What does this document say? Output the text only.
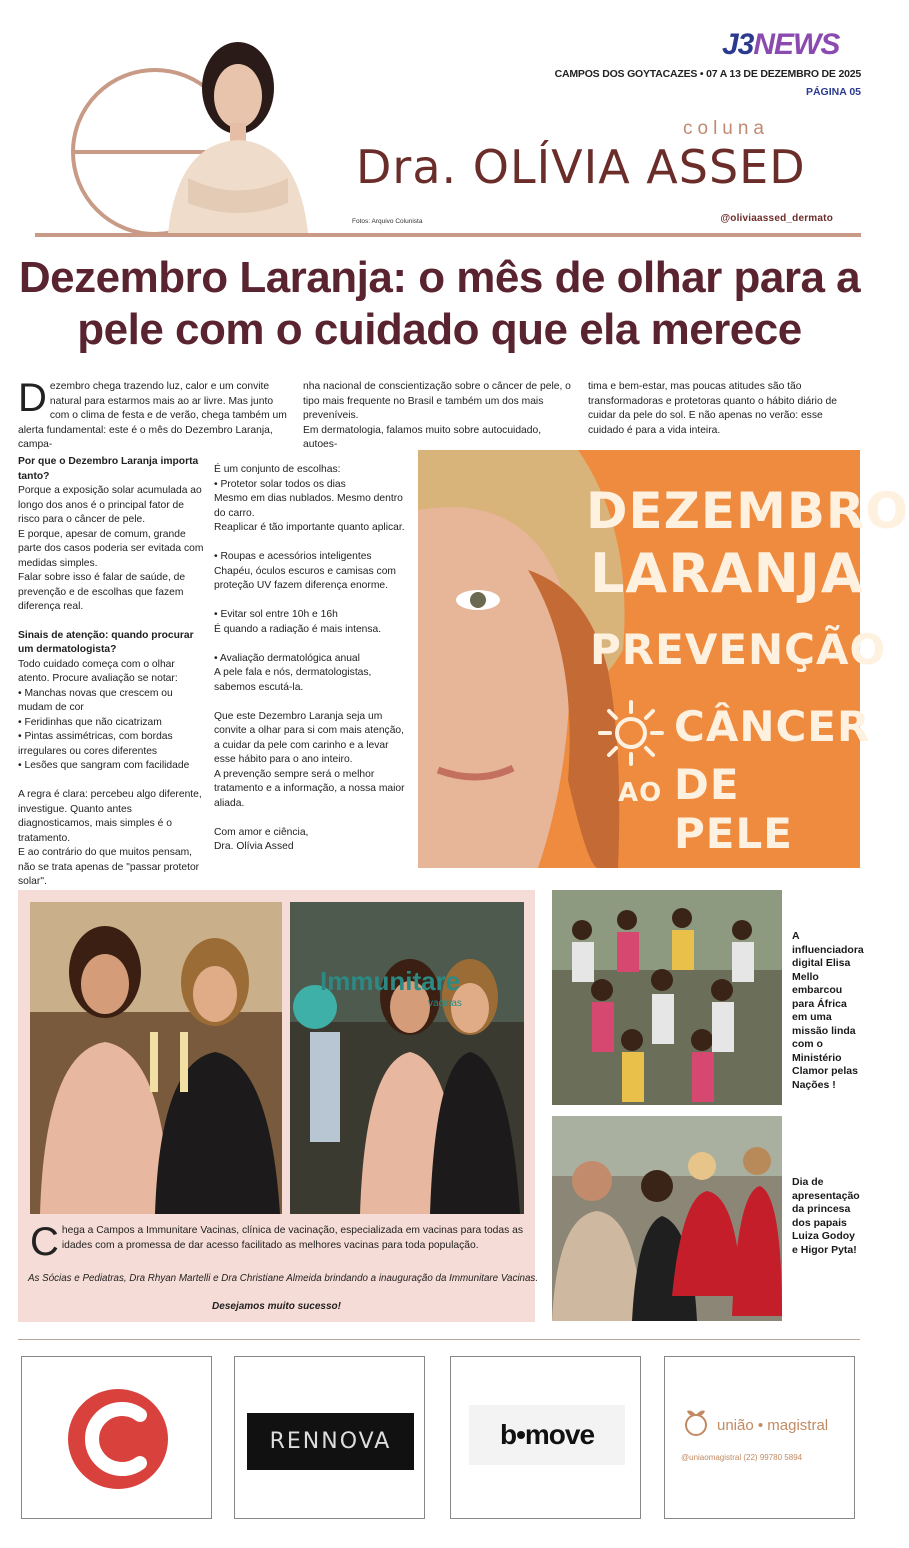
J3NEWS
CAMPOS DOS GOYTACAZES • 07 A 13 DE DEZEMBRO DE 2025
PÁGINA 05
coluna
Dra. OLÍVIA ASSED
Fotos: Arquivo Colunista	@oliviaassed_dermato
Dezembro Laranja: o mês de olhar para a
pele com o cuidado que ela merece
Dezembro chega trazendo luz, calor e um convite natural para estarmos mais ao ar livre. Mas junto com o clima de festa e de verão, chega também um alerta fundamental: este é o mês do Dezembro Laranja, campa-
nha nacional de conscientização sobre o câncer de pele, o tipo mais frequente no Brasil e também um dos mais preveníveis.
Em dermatologia, falamos muito sobre autocuidado, autoes-
tima e bem-estar, mas poucas atitudes são tão transformadoras e protetoras quanto o hábito diário de cuidar da pele do sol. E não apenas no verão: esse cuidado é para a vida inteira.
Por que o Dezembro Laranja importa tanto?
Porque a exposição solar acumulada ao longo dos anos é o principal fator de risco para o câncer de pele.
E porque, apesar de comum, grande parte dos casos poderia ser evitada com medidas simples.
Falar sobre isso é falar de saúde, de prevenção e de escolhas que fazem diferença real.
Sinais de atenção: quando procurar um dermatologista?
Todo cuidado começa com o olhar atento. Procure avaliação se notar:
• Manchas novas que crescem ou mudam de cor
• Feridinhas que não cicatrizam
• Pintas assimétricas, com bordas irregulares ou cores diferentes
• Lesões que sangram com facilidade

A regra é clara: percebeu algo diferente, investigue. Quanto antes diagnosticamos, mais simples é o tratamento.
E ao contrário do que muitos pensam, não se trata apenas de "passar protetor solar".
É um conjunto de escolhas:
• Protetor solar todos os dias
Mesmo em dias nublados. Mesmo dentro do carro.
Reaplicar é tão importante quanto aplicar.

• Roupas e acessórios inteligentes
Chapéu, óculos escuros e camisas com proteção UV fazem diferença enorme.

• Evitar sol entre 10h e 16h
É quando a radiação é mais intensa.

• Avaliação dermatológica anual
A pele fala e nós, dermatologistas, sabemos escutá-la.

Que este Dezembro Laranja seja um convite a olhar para si com mais atenção, a cuidar da pele com carinho e a levar esse hábito para o ano inteiro.
A prevenção sempre será o melhor tratamento e a informação, a nossa maior aliada.

Com amor e ciência,
Dra. Olívia Assed
DEZEMBRO
LARANJA
PREVENÇÃO
CÂNCER
AO DE PELE
Immunitare
vacinas
Chega a Campos a Immunitare Vacinas, clínica de vacinação, especializada em vacinas para todas as idades com a promessa de dar acesso facilitado as melhores vacinas para toda população.
As Sócias e Pediatras, Dra Rhyan Martelli e Dra Christiane Almeida brindando a inauguração da Immunitare Vacinas.
Desejamos muito sucesso!
A influenciadora digital Elisa Mello embarcou para África em uma missão linda com o Ministério Clamor pelas Nações !
Dia de apresentação da princesa dos papais Luiza Godoy e Higor Pyta!
RENNOVA	b•move	união • magistral
@uniaomagistral (22) 99780 5894
